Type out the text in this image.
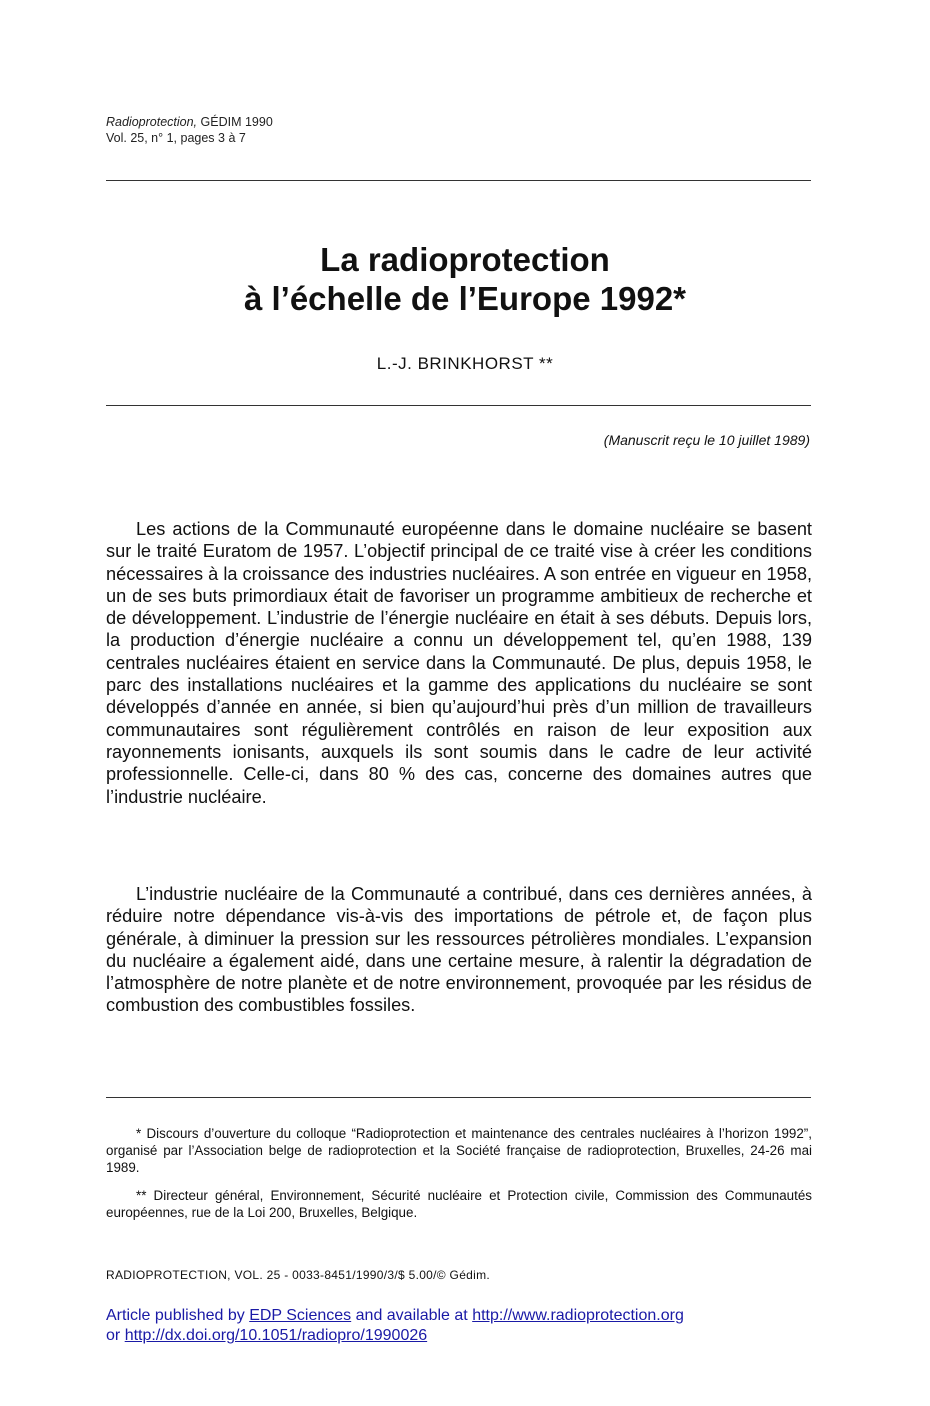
Radioprotection, GÉDIM 1990
Vol. 25, n° 1, pages 3 à 7
La radioprotection
à l’échelle de l’Europe 1992*
L.-J. BRINKHORST **
(Manuscrit reçu le 10 juillet 1989)

Les actions de la Communauté européenne dans le domaine nucléaire se basent sur le traité Euratom de 1957. L’objectif principal de ce traité vise à créer les conditions nécessaires à la croissance des industries nucléaires. A son entrée en vigueur en 1958, un de ses buts primordiaux était de favoriser un programme ambitieux de recherche et de développement. L’industrie de l’énergie nucléaire en était à ses débuts. Depuis lors, la production d’énergie nucléaire a connu un développement tel, qu’en 1988, 139 centrales nucléaires étaient en service dans la Communauté. De plus, depuis 1958, le parc des installations nucléaires et la gamme des applications du nucléaire se sont développés d’année en année, si bien qu’aujourd’hui près d’un million de travailleurs communautaires sont régulièrement contrôlés en raison de leur exposition aux rayonnements ionisants, auxquels ils sont soumis dans le cadre de leur activité professionnelle. Celle-ci, dans 80 % des cas, concerne des domaines autres que l’industrie nucléaire.

L’industrie nucléaire de la Communauté a contribué, dans ces dernières années, à réduire notre dépendance vis-à-vis des importations de pétrole et, de façon plus générale, à diminuer la pression sur les ressources pétrolières mondiales. L’expansion du nucléaire a également aidé, dans une certaine mesure, à ralentir la dégradation de l’atmosphère de notre planète et de notre environnement, provoquée par les résidus de combustion des combustibles fossiles.

* Discours d’ouverture du colloque “Radioprotection et maintenance des centrales nucléaires à l’horizon 1992”, organisé par l’Association belge de radioprotection et la Société française de radioprotection, Bruxelles, 24-26 mai 1989.

** Directeur général, Environnement, Sécurité nucléaire et Protection civile, Commission des Communautés européennes, rue de la Loi 200, Bruxelles, Belgique.

RADIOPROTECTION, VOL. 25 - 0033-8451/1990/3/$ 5.00/© Gédim.
Article published by EDP Sciences and available at http://www.radioprotection.org
or http://dx.doi.org/10.1051/radiopro/1990026
